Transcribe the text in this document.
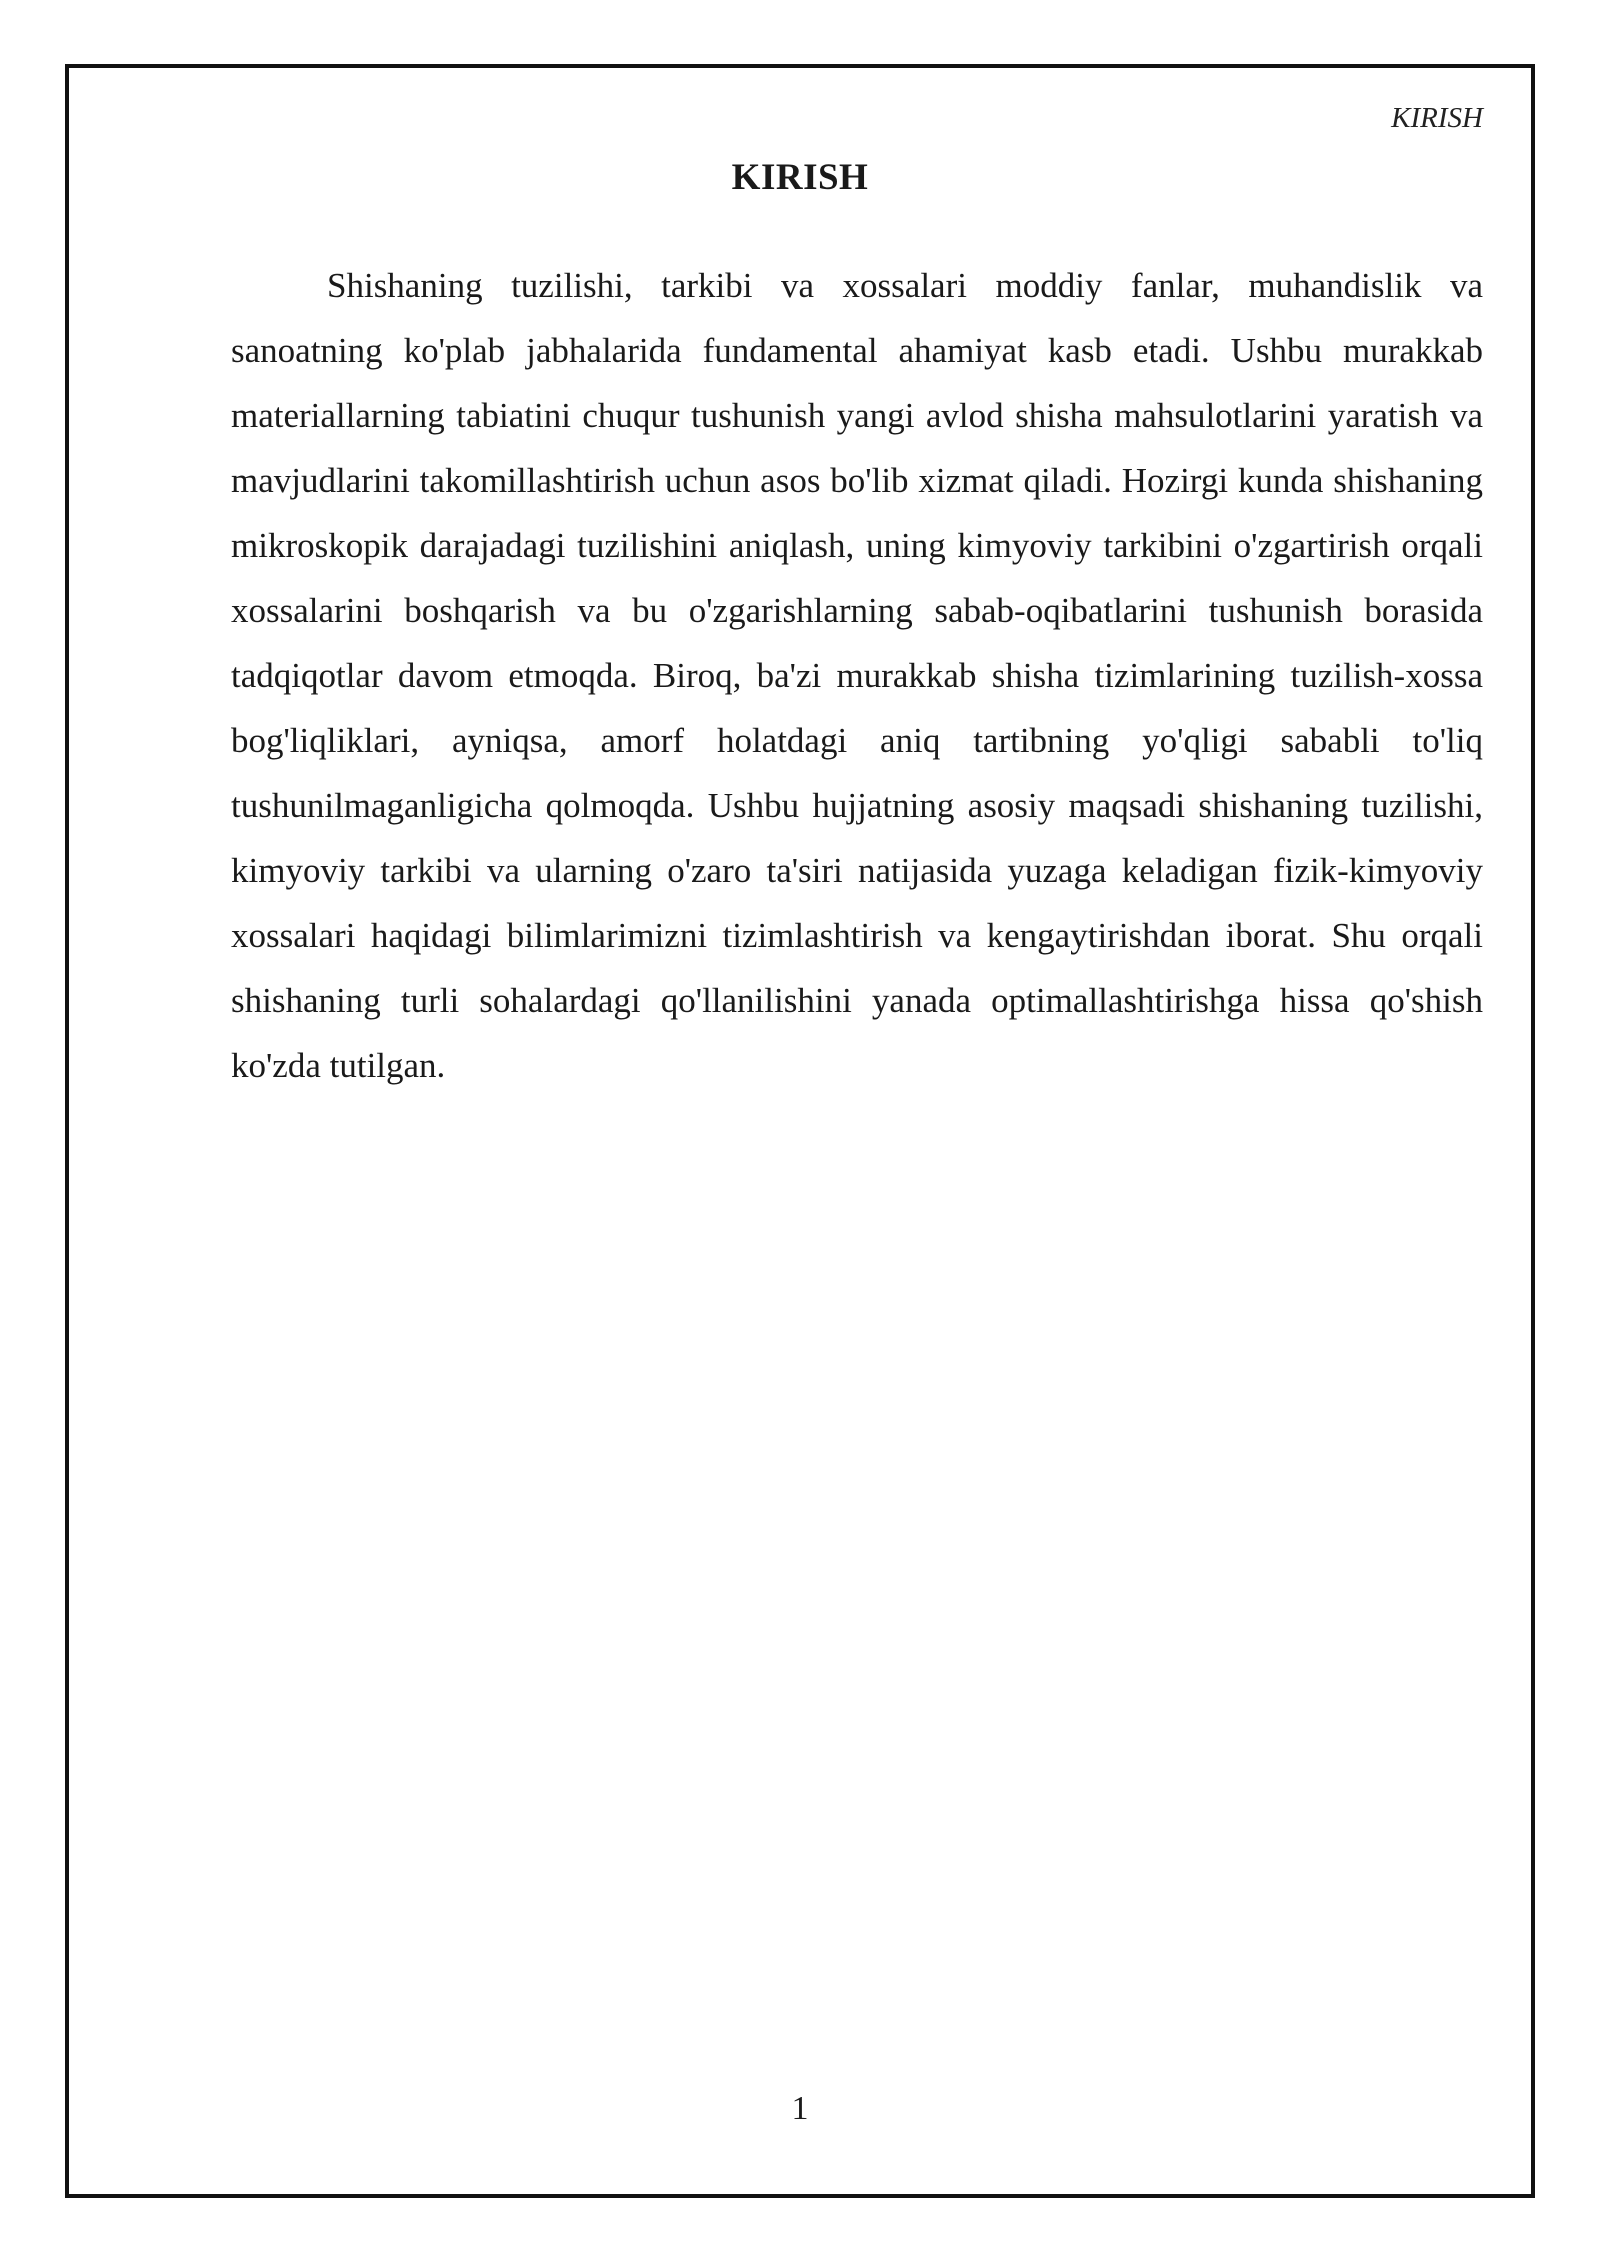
KIRISH
KIRISH

Shishaning tuzilishi, tarkibi va xossalari moddiy fanlar, muhandislik va sanoatning ko'plab jabhalarida fundamental ahamiyat kasb etadi. Ushbu murakkab materiallarning tabiatini chuqur tushunish yangi avlod shisha mahsulotlarini yaratish va mavjudlarini takomillashtirish uchun asos bo'lib xizmat qiladi. Hozirgi kunda shishaning mikroskopik darajadagi tuzilishini aniqlash, uning kimyoviy tarkibini o'zgartirish orqali xossalarini boshqarish va bu o'zgarishlarning sabab-oqibatlarini tushunish borasida tadqiqotlar davom etmoqda. Biroq, ba'zi murakkab shisha tizimlarining tuzilish-xossa bog'liqliklari, ayniqsa, amorf holatdagi aniq tartibning yo'qligi sababli to'liq tushunilmaganligicha qolmoqda. Ushbu hujjatning asosiy maqsadi shishaning tuzilishi, kimyoviy tarkibi va ularning o'zaro ta'siri natijasida yuzaga keladigan fizik-kimyoviy xossalari haqidagi bilimlarimizni tizimlashtirish va kengaytirishdan iborat. Shu orqali shishaning turli sohalardagi qo'llanilishini yanada optimallashtirishga hissa qo'shish ko'zda tutilgan.

1
